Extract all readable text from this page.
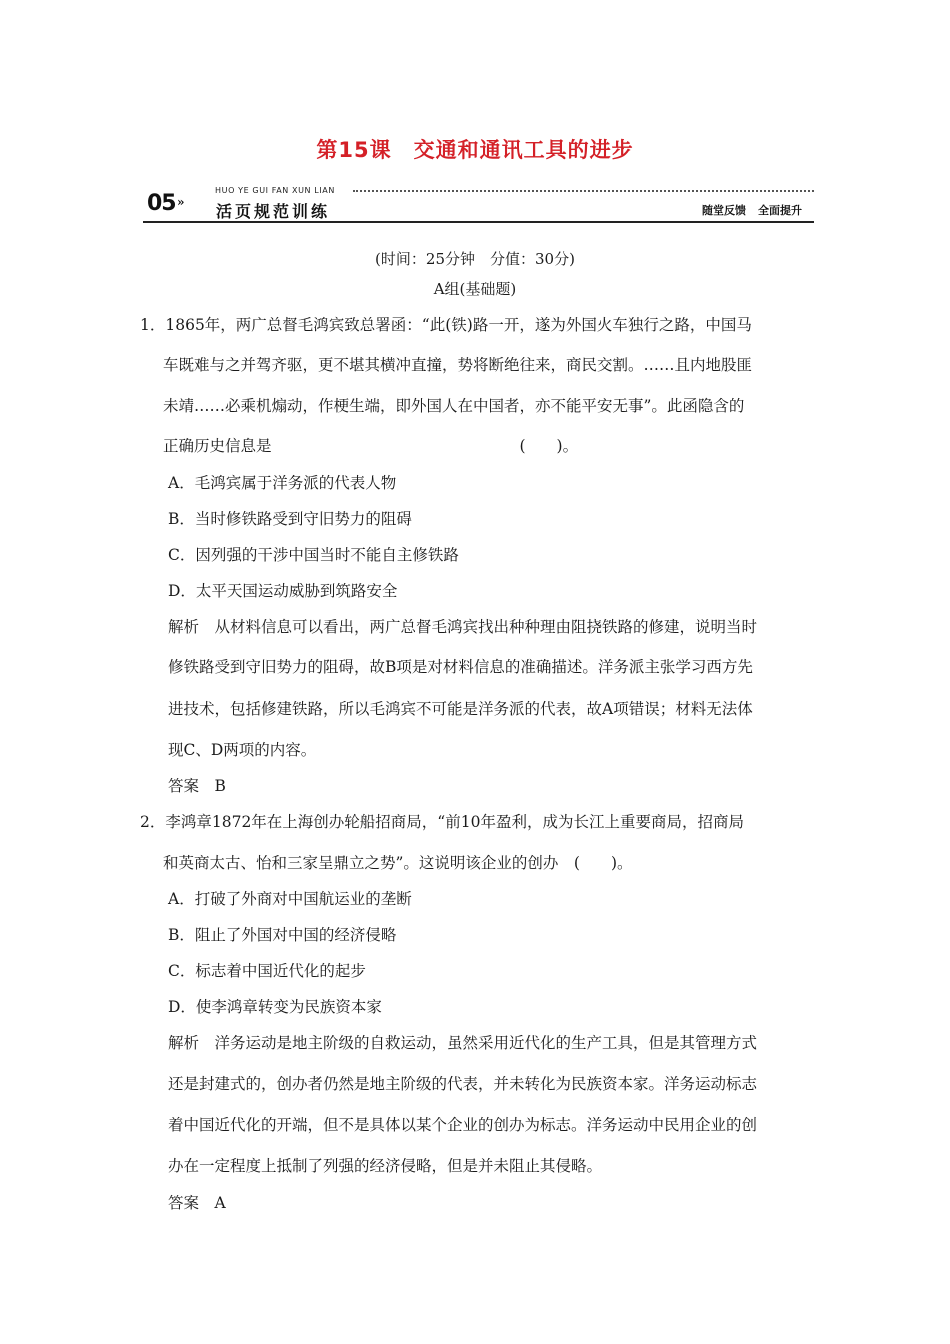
第15课　交通和通讯工具的进步
05 »
HUO YE GUI FAN XUN LIAN
活页规范训练	随堂反馈 全面提升
(时间：25分钟　分值：30分)
A组(基础题)
1．1865年，两广总督毛鸿宾致总署函：“此(铁)路一开，遂为外国火车独行之路，中国马
车既难与之并驾齐驱，更不堪其横冲直撞，势将断绝往来，商民交割。……且内地股匪
未靖……必乘机煽动，作梗生端，即外国人在中国者，亦不能平安无事”。此函隐含的
正确历史信息是　　　　　　　　　　　　　　　　(　　)。
A．毛鸿宾属于洋务派的代表人物
B．当时修铁路受到守旧势力的阻碍
C．因列强的干涉中国当时不能自主修铁路
D．太平天国运动威胁到筑路安全
解析　从材料信息可以看出，两广总督毛鸿宾找出种种理由阻挠铁路的修建，说明当时
修铁路受到守旧势力的阻碍，故B项是对材料信息的准确描述。洋务派主张学习西方先
进技术，包括修建铁路，所以毛鸿宾不可能是洋务派的代表，故A项错误；材料无法体
现C、D两项的内容。
答案　B
2．李鸿章1872年在上海创办轮船招商局，“前10年盈利，成为长江上重要商局，招商局
和英商太古、怡和三家呈鼎立之势”。这说明该企业的创办　(　　)。
A．打破了外商对中国航运业的垄断
B．阻止了外国对中国的经济侵略
C．标志着中国近代化的起步
D．使李鸿章转变为民族资本家
解析　洋务运动是地主阶级的自救运动，虽然采用近代化的生产工具，但是其管理方式
还是封建式的，创办者仍然是地主阶级的代表，并未转化为民族资本家。洋务运动标志
着中国近代化的开端，但不是具体以某个企业的创办为标志。洋务运动中民用企业的创
办在一定程度上抵制了列强的经济侵略，但是并未阻止其侵略。
答案　A
